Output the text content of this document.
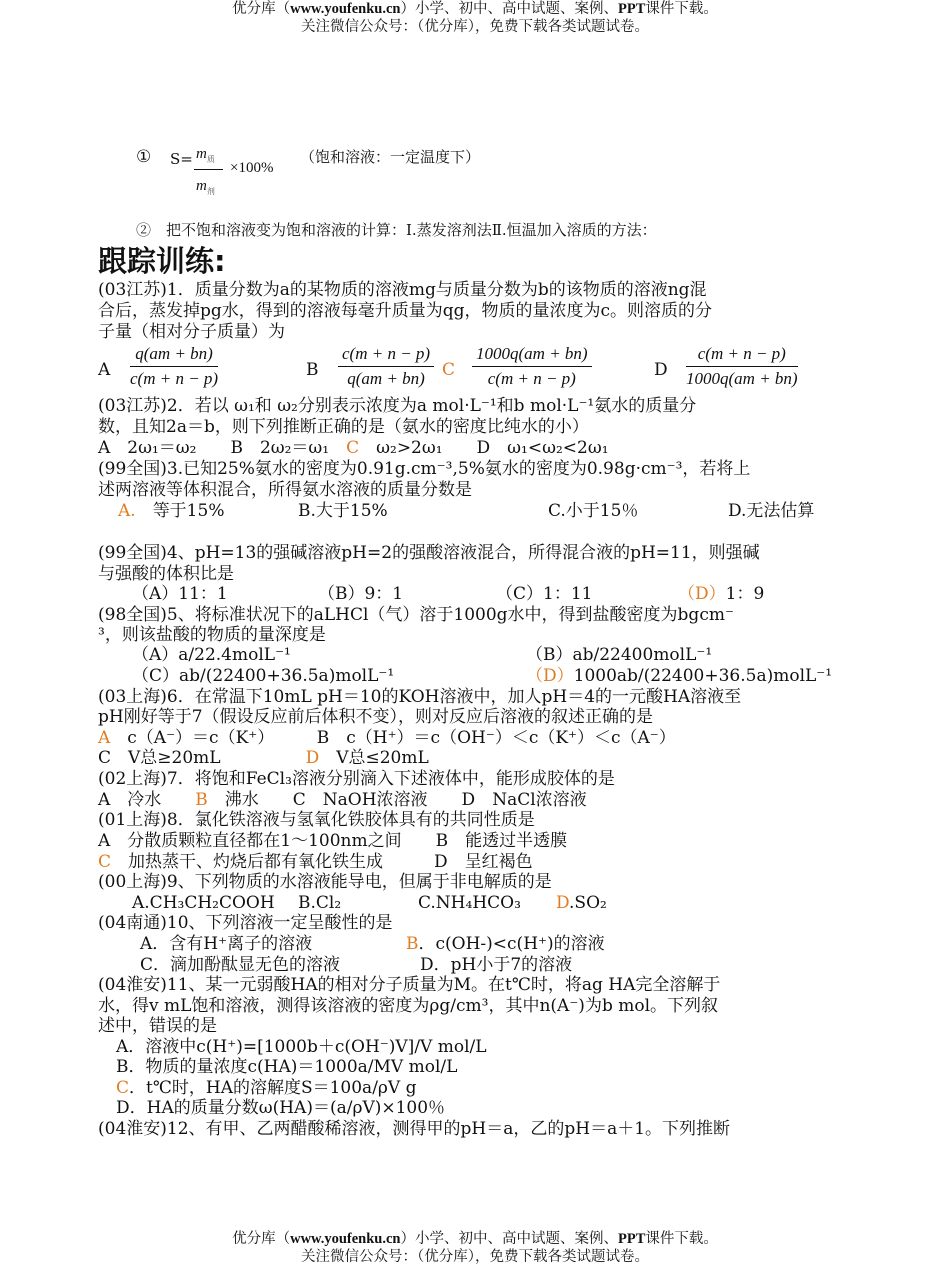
优分库（www.youfenku.cn）小学、初中、高中试题、案例、PPT课件下载。
关注微信公众号：（优分库），免费下载各类试题试卷。
① $S= m_质$
$m_剂$
×100%
（饱和溶液：一定温度下）
②　把不饱和溶液变为饱和溶液的计算：Ⅰ.蒸发溶剂法Ⅱ.恒温加入溶质的方法：
跟踪训练:
(03江苏)1．质量分数为a的某物质的溶液mg与质量分数为b的该物质的溶液ng混
合后，蒸发掉pg水，得到的溶液每毫升质量为qg，物质的量浓度为c。则溶质的分
子量（相对分子质量）为
A $\frac{q(am + bn)}{c(m + n - p)}$	B $\frac{c(m + n - p)}{q(am + bn)}$ C $\frac{1000q(am + bn)}{c(m + n - p)}$	D $\frac{c(m + n - p)}{1000q(am + bn)}$
(03江苏)2．若以 ω₁和 ω₂分别表示浓度为a mol·L⁻¹和b mol·L⁻¹氨水的质量分
数，且知2a＝b，则下列推断正确的是（氨水的密度比纯水的小）
A　2ω₁＝ω₂　　B　2ω₂＝ω₁　C　ω₂>2ω₁　　D　ω₁<ω₂<2ω₁
(99全国)3.已知25%氨水的密度为0.91g.cm⁻³,5%氨水的密度为0.98g·cm⁻³，若将上
述两溶液等体积混合，所得氨水溶液的质量分数是
A.　 等于15%	B.大于15%	C.小于15％	D.无法估算
(99全国)4、pH=13的强碱溶液pH=2的强酸溶液混合，所得混合液的pH=11，则强碱
与强酸的体积比是
（A）11：1	（B）9：1	（C）1：11	（D）1：9
(98全国)5、将标准状况下的aLHCl（气）溶于1000g水中，得到盐酸密度为bgcm⁻
³，则该盐酸的物质的量深度是
（A）a/22.4molL⁻¹	（B）ab/22400molL⁻¹
（C）ab/(22400+36.5a)molL⁻¹	（D）1000ab/(22400+36.5a)molL⁻¹
(03上海)6．在常温下10mL pH＝10的KOH溶液中，加人pH＝4的一元酸HA溶液至
pH刚好等于7（假设反应前后体积不变），则对反应后溶液的叙述正确的是
A　c（A⁻）＝c（K⁺）　　　B　c（H⁺）＝c（OH⁻）＜c（K⁺）＜c（A⁻）
C　V总≥20mL　　　　　D　V总≤20mL
(02上海)7．将饱和FeCl₃溶液分别滴入下述液体中，能形成胶体的是
A　冷水　　B　沸水　　C　NaOH浓溶液　　D　NaCl浓溶液
(01上海)8．氯化铁溶液与氢氧化铁胶体具有的共同性质是
A　分散质颗粒直径都在1～100nm之间　　B　能透过半透膜
C　加热蒸干、灼烧后都有氧化铁生成　　　D　呈红褐色
(00上海)9、下列物质的水溶液能导电，但属于非电解质的是
A.CH₃CH₂COOH B.Cl₂	C.NH₄HCO₃ D.SO₂
(04南通)10、下列溶液一定呈酸性的是
A．含有H⁺离子的溶液	B．c(OH-)<c(H⁺)的溶液
C．滴加酚酞显无色的溶液	D．pH小于7的溶液
(04淮安)11、某一元弱酸HA的相对分子质量为M。在t℃时，将ag HA完全溶解于
水，得v mL饱和溶液，测得该溶液的密度为ρg/cm³，其中n(A⁻)为b mol。下列叙
述中，错误的是
A．溶液中c(H⁺)=[1000b＋c(OH⁻)V]/V mol/L
B．物质的量浓度c(HA)＝1000a/MV mol/L
C．t℃时，HA的溶解度S＝100a/ρV g
D．HA的质量分数ω(HA)＝(a/ρV)×100％
(04淮安)12、有甲、乙两醋酸稀溶液，测得甲的pH＝a，乙的pH＝a＋1。下列推断
优分库（www.youfenku.cn）小学、初中、高中试题、案例、PPT课件下载。
关注微信公众号：（优分库），免费下载各类试题试卷。
